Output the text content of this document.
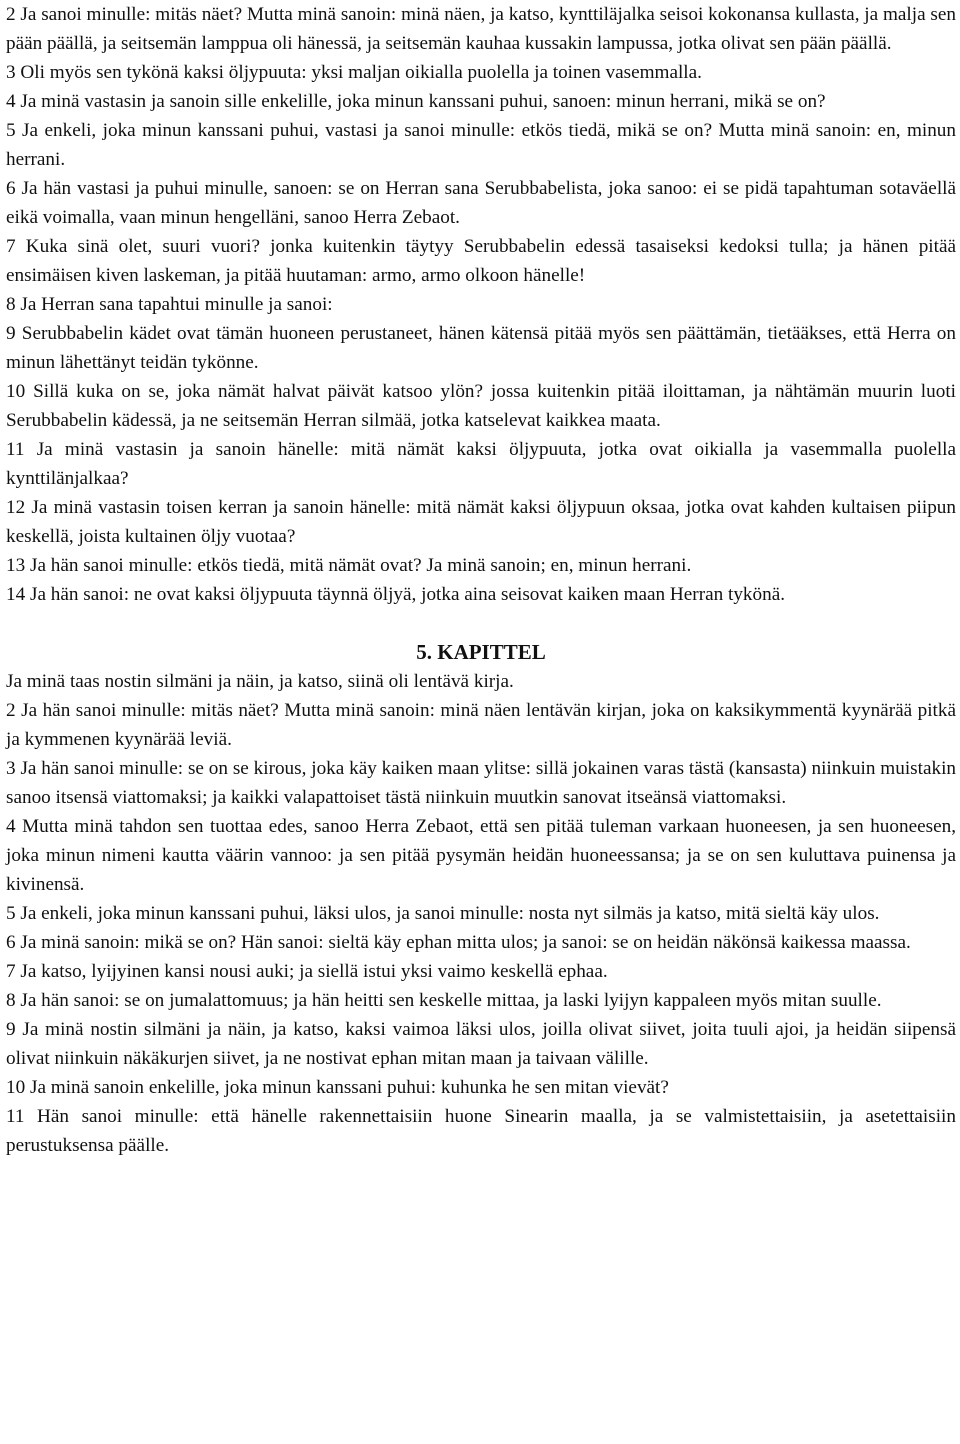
2 Ja sanoi minulle: mitäs näet? Mutta minä sanoin: minä näen, ja katso, kynttiläjalka seisoi kokonansa kullasta, ja malja sen pään päällä, ja seitsemän lamppua oli hänessä, ja seitsemän kauhaa kussakin lampussa, jotka olivat sen pään päällä.

3 Oli myös sen tykönä kaksi öljypuuta: yksi maljan oikialla puolella ja toinen vasemmalla.

4 Ja minä vastasin ja sanoin sille enkelille, joka minun kanssani puhui, sanoen: minun herrani, mikä se on?

5 Ja enkeli, joka minun kanssani puhui, vastasi ja sanoi minulle: etkös tiedä, mikä se on? Mutta minä sanoin: en, minun herrani.

6 Ja hän vastasi ja puhui minulle, sanoen: se on Herran sana Serubbabelista, joka sanoo: ei se pidä tapahtuman sotaväellä eikä voimalla, vaan minun hengelläni, sanoo Herra Zebaot.

7 Kuka sinä olet, suuri vuori? jonka kuitenkin täytyy Serubbabelin edessä tasaiseksi kedoksi tulla; ja hänen pitää ensimäisen kiven laskeman, ja pitää huutaman: armo, armo olkoon hänelle!

8 Ja Herran sana tapahtui minulle ja sanoi:

9 Serubbabelin kädet ovat tämän huoneen perustaneet, hänen kätensä pitää myös sen päättämän, tietääkses, että Herra on minun lähettänyt teidän tykönne.

10 Sillä kuka on se, joka nämät halvat päivät katsoo ylön? jossa kuitenkin pitää iloittaman, ja nähtämän muurin luoti Serubbabelin kädessä, ja ne seitsemän Herran silmää, jotka katselevat kaikkea maata.

11 Ja minä vastasin ja sanoin hänelle: mitä nämät kaksi öljypuuta, jotka ovat oikialla ja vasemmalla puolella kynttilänjalkaa?

12 Ja minä vastasin toisen kerran ja sanoin hänelle: mitä nämät kaksi öljypuun oksaa, jotka ovat kahden kultaisen piipun keskellä, joista kultainen öljy vuotaa?

13 Ja hän sanoi minulle: etkös tiedä, mitä nämät ovat? Ja minä sanoin; en, minun herrani.

14 Ja hän sanoi: ne ovat kaksi öljypuuta täynnä öljyä, jotka aina seisovat kaiken maan Herran tykönä.

5. KAPITTEL

Ja minä taas nostin silmäni ja näin, ja katso, siinä oli lentävä kirja.

2 Ja hän sanoi minulle: mitäs näet? Mutta minä sanoin: minä näen lentävän kirjan, joka on kaksikymmentä kyynärää pitkä ja kymmenen kyynärää leviä.

3 Ja hän sanoi minulle: se on se kirous, joka käy kaiken maan ylitse: sillä jokainen varas tästä (kansasta) niinkuin muistakin sanoo itsensä viattomaksi; ja kaikki valapattoiset tästä niinkuin muutkin sanovat itseänsä viattomaksi.

4 Mutta minä tahdon sen tuottaa edes, sanoo Herra Zebaot, että sen pitää tuleman varkaan huoneesen, ja sen huoneesen, joka minun nimeni kautta väärin vannoo: ja sen pitää pysymän heidän huoneessansa; ja se on sen kuluttava puinensa ja kivinensä.

5 Ja enkeli, joka minun kanssani puhui, läksi ulos, ja sanoi minulle: nosta nyt silmäs ja katso, mitä sieltä käy ulos.

6 Ja minä sanoin: mikä se on? Hän sanoi: sieltä käy ephan mitta ulos; ja sanoi: se on heidän näkönsä kaikessa maassa.

7 Ja katso, lyijyinen kansi nousi auki; ja siellä istui yksi vaimo keskellä ephaa.

8 Ja hän sanoi: se on jumalattomuus; ja hän heitti sen keskelle mittaa, ja laski lyijyn kappaleen myös mitan suulle.

9 Ja minä nostin silmäni ja näin, ja katso, kaksi vaimoa läksi ulos, joilla olivat siivet, joita tuuli ajoi, ja heidän siipensä olivat niinkuin näkäkurjen siivet, ja ne nostivat ephan mitan maan ja taivaan välille.

10 Ja minä sanoin enkelille, joka minun kanssani puhui: kuhunka he sen mitan vievät?

11 Hän sanoi minulle: että hänelle rakennettaisiin huone Sinearin maalla, ja se valmistettaisiin, ja asetettaisiin perustuksensa päälle.
